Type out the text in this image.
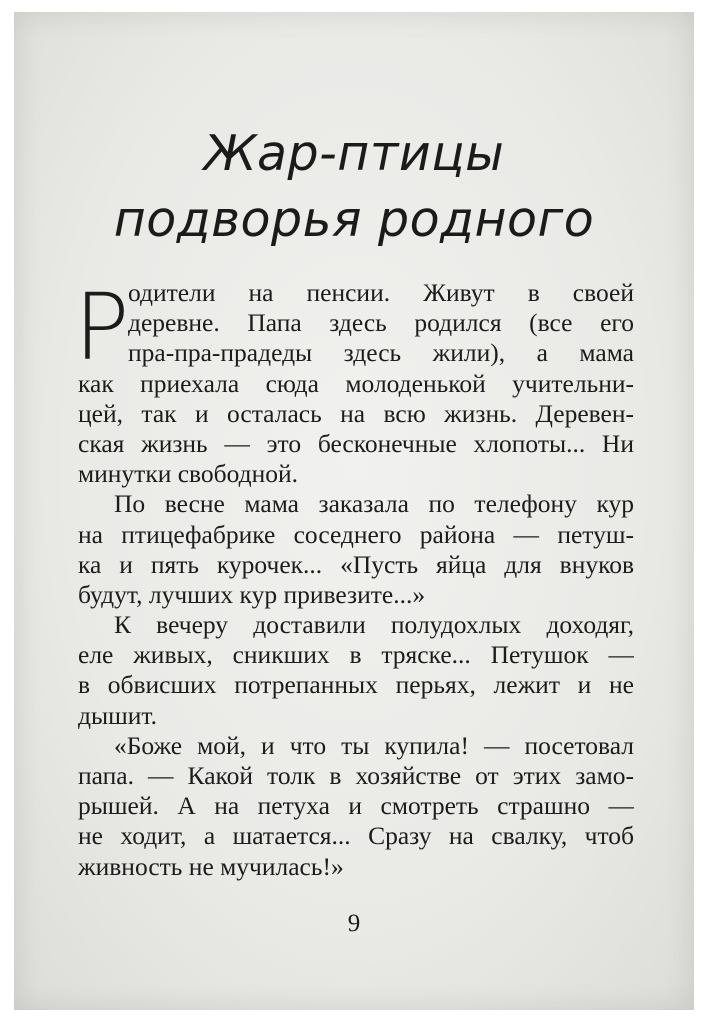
Жар-птицы
подворья родного
Р
одители на пенсии. Живут в своей
деревне. Папа здесь родился (все его
пра-пра-прадеды здесь жили), а мама
как приехала сюда молоденькой учительни-
цей, так и осталась на всю жизнь. Деревен-
ская жизнь — это бесконечные хлопоты... Ни
минутки свободной.
По весне мама заказала по телефону кур
на птицефабрике соседнего района — петуш-
ка и пять курочек... «Пусть яйца для внуков
будут, лучших кур привезите...»
К вечеру доставили полудохлых доходяг,
еле живых, сникших в тряске... Петушок —
в обвисших потрепанных перьях, лежит и не
дышит.
«Боже мой, и что ты купила! — посетовал
папа. — Какой толк в хозяйстве от этих замо-
рышей. А на петуха и смотреть страшно —
не ходит, а шатается... Сразу на свалку, чтоб
живность не мучилась!»
9
